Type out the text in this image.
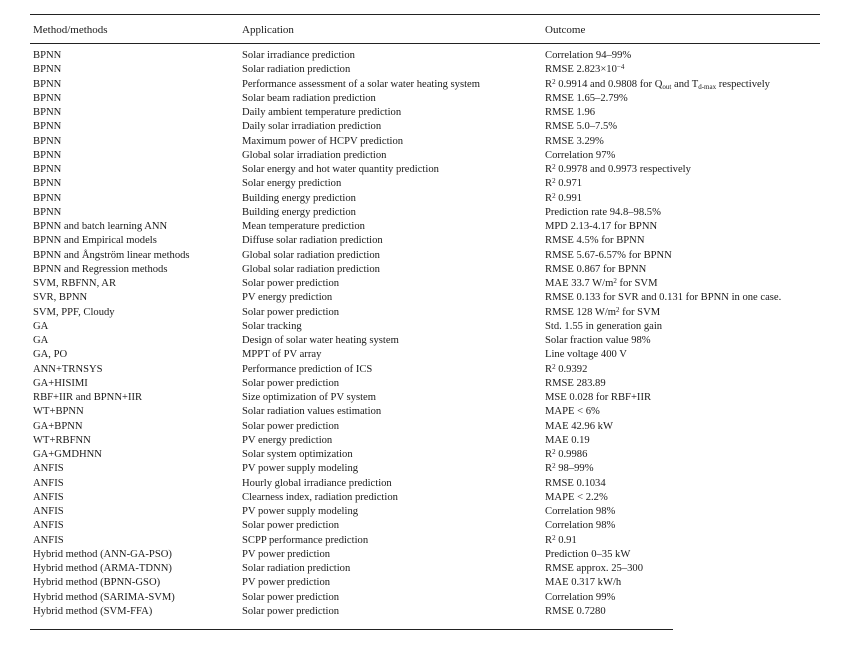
Method/methods	Application	Outcome
BPNN	Solar irradiance prediction	Correlation 94–99%
BPNN	Solar radiation prediction	RMSE $2.823\times 10^{-4}$
BPNN	Performance assessment of a solar water heating system	$R^2$ 0.9914 and 0.9808 for $Q_{out}$ and $T_{d-max}$ respectively
BPNN	Solar beam radiation prediction	RMSE 1.65–2.79%
BPNN	Daily ambient temperature prediction	RMSE 1.96
BPNN	Daily solar irradiation prediction	RMSE 5.0–7.5%
BPNN	Maximum power of HCPV prediction	RMSE 3.29%
BPNN	Global solar irradiation prediction	Correlation 97%
BPNN	Solar energy and hot water quantity prediction	$R^2$ 0.9978 and 0.9973 respectively
BPNN	Solar energy prediction	$R^2$ 0.971
BPNN	Building energy prediction	$R^2$ 0.991
BPNN	Building energy prediction	Prediction rate 94.8–98.5%
BPNN and batch learning ANN	Mean temperature prediction	MPD 2.13-4.17 for BPNN
BPNN and Empirical models	Diffuse solar radiation prediction	RMSE 4.5% for BPNN
BPNN and Ångström linear methods	Global solar radiation prediction	RMSE 5.67-6.57% for BPNN
BPNN and Regression methods	Global solar radiation prediction	RMSE 0.867 for BPNN
SVM, RBFNN, AR	Solar power prediction	MAE 33.7 $W/m^2$ for SVM
SVR, BPNN	PV energy prediction	RMSE 0.133 for SVR and 0.131 for BPNN in one case.
SVM, PPF, Cloudy	Solar power prediction	RMSE 128 $W/m^2$ for SVM
GA	Solar tracking	Std. 1.55 in generation gain
GA	Design of solar water heating system	Solar fraction value 98%
GA, PO	MPPT of PV array	Line voltage 400 V
ANN+TRNSYS	Performance prediction of ICS	$R^2$ 0.9392
GA+HISIMI	Solar power prediction	RMSE 283.89
RBF+IIR and BPNN+IIR	Size optimization of PV system	MSE 0.028 for RBF+IIR
WT+BPNN	Solar radiation values estimation	MAPE < 6%
GA+BPNN	Solar power prediction	MAE 42.96 kW
WT+RBFNN	PV energy prediction	MAE 0.19
GA+GMDHNN	Solar system optimization	$R^2$ 0.9986
ANFIS	PV power supply modeling	$R^2$ 98–99%
ANFIS	Hourly global irradiance prediction	RMSE 0.1034
ANFIS	Clearness index, radiation prediction	MAPE < 2.2%
ANFIS	PV power supply modeling	Correlation 98%
ANFIS	Solar power prediction	Correlation 98%
ANFIS	SCPP performance prediction	$R^2$ 0.91
Hybrid method (ANN-GA-PSO)	PV power prediction	Prediction 0–35 kW
Hybrid method (ARMA-TDNN)	Solar radiation prediction	RMSE approx. 25–300
Hybrid method (BPNN-GSO)	PV power prediction	MAE 0.317 kW/h
Hybrid method (SARIMA-SVM)	Solar power prediction	Correlation 99%
Hybrid method (SVM-FFA)	Solar power prediction	RMSE 0.7280
